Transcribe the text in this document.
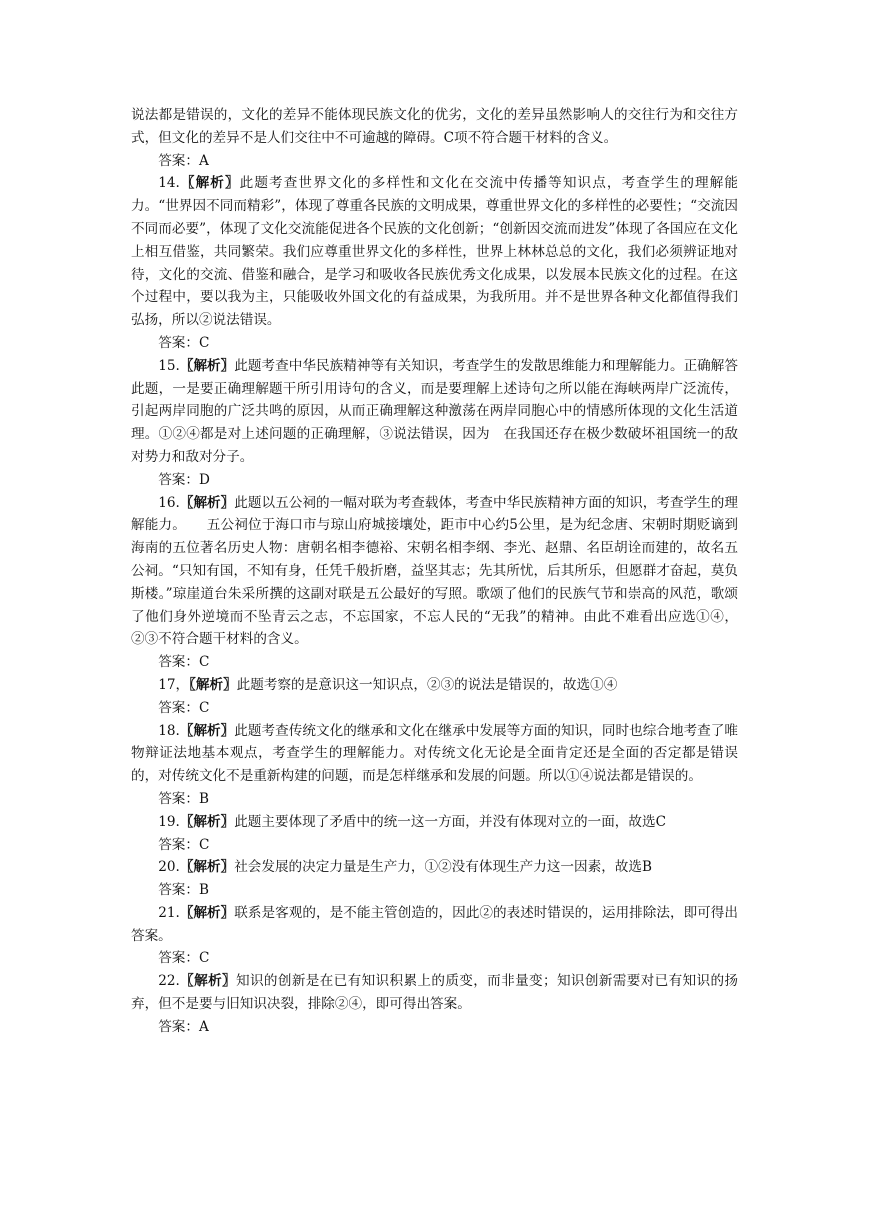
说法都是错误的，文化的差异不能体现民族文化的优劣，文化的差异虽然影响人的交往行为和交往方式，但文化的差异不是人们交往中不可逾越的障碍。C项不符合题干材料的含义。

答案：A

14.〖解析〗此题考查世界文化的多样性和文化在交流中传播等知识点，考查学生的理解能力。“世界因不同而精彩”，体现了尊重各民族的文明成果，尊重世界文化的多样性的必要性；“交流因不同而必要”，体现了文化交流能促进各个民族的文化创新；“创新因交流而进发”体现了各国应在文化上相互借鉴，共同繁荣。我们应尊重世界文化的多样性，世界上林林总总的文化，我们必须辨证地对待，文化的交流、借鉴和融合，是学习和吸收各民族优秀文化成果，以发展本民族文化的过程。在这个过程中，要以我为主，只能吸收外国文化的有益成果，为我所用。并不是世界各种文化都值得我们弘扬，所以②说法错误。

答案：C

15.〖解析〗此题考查中华民族精神等有关知识，考查学生的发散思维能力和理解能力。正确解答此题，一是要正确理解题干所引用诗句的含义，而是要理解上述诗句之所以能在海峡两岸广泛流传，引起两岸同胞的广泛共鸣的原因，从而正确理解这种激荡在两岸同胞心中的情感所体现的文化生活道理。①②④都是对上述问题的正确理解，③说法错误，因为　在我国还存在极少数破坏祖国统一的敌对势力和敌对分子。

答案：D

16.〖解析〗此题以五公祠的一幅对联为考查载体，考查中华民族精神方面的知识，考查学生的理解能力。　　五公祠位于海口市与琼山府城接壤处，距市中心约5公里，是为纪念唐、宋朝时期贬谪到海南的五位著名历史人物：唐朝名相李德裕、宋朝名相李纲、李光、赵鼎、名臣胡诠而建的，故名五公祠。“只知有国，不知有身，任凭千般折磨，益坚其志；先其所忧，后其所乐，但愿群才奋起，莫负斯楼。”琼崖道台朱采所撰的这副对联是五公最好的写照。歌颂了他们的民族气节和崇高的风范，歌颂了他们身外逆境而不坠青云之志，不忘国家，不忘人民的“无我”的精神。由此不难看出应选①④，②③不符合题干材料的含义。

答案：C

17，〖解析〗此题考察的是意识这一知识点，②③的说法是错误的，故选①④

答案：C

18.〖解析〗此题考查传统文化的继承和文化在继承中发展等方面的知识，同时也综合地考查了唯物辩证法地基本观点，考查学生的理解能力。对传统文化无论是全面肯定还是全面的否定都是错误的，对传统文化不是重新构建的问题，而是怎样继承和发展的问题。所以①④说法都是错误的。

答案：B

19.〖解析〗此题主要体现了矛盾中的统一这一方面，并没有体现对立的一面，故选C

答案：C

20.〖解析〗社会发展的决定力量是生产力，①②没有体现生产力这一因素，故选B

答案：B

21.〖解析〗联系是客观的，是不能主管创造的，因此②的表述时错误的，运用排除法，即可得出答案。

答案：C

22.〖解析〗知识的创新是在已有知识积累上的质变，而非量变；知识创新需要对已有知识的扬弃，但不是要与旧知识决裂，排除②④，即可得出答案。

答案：A
